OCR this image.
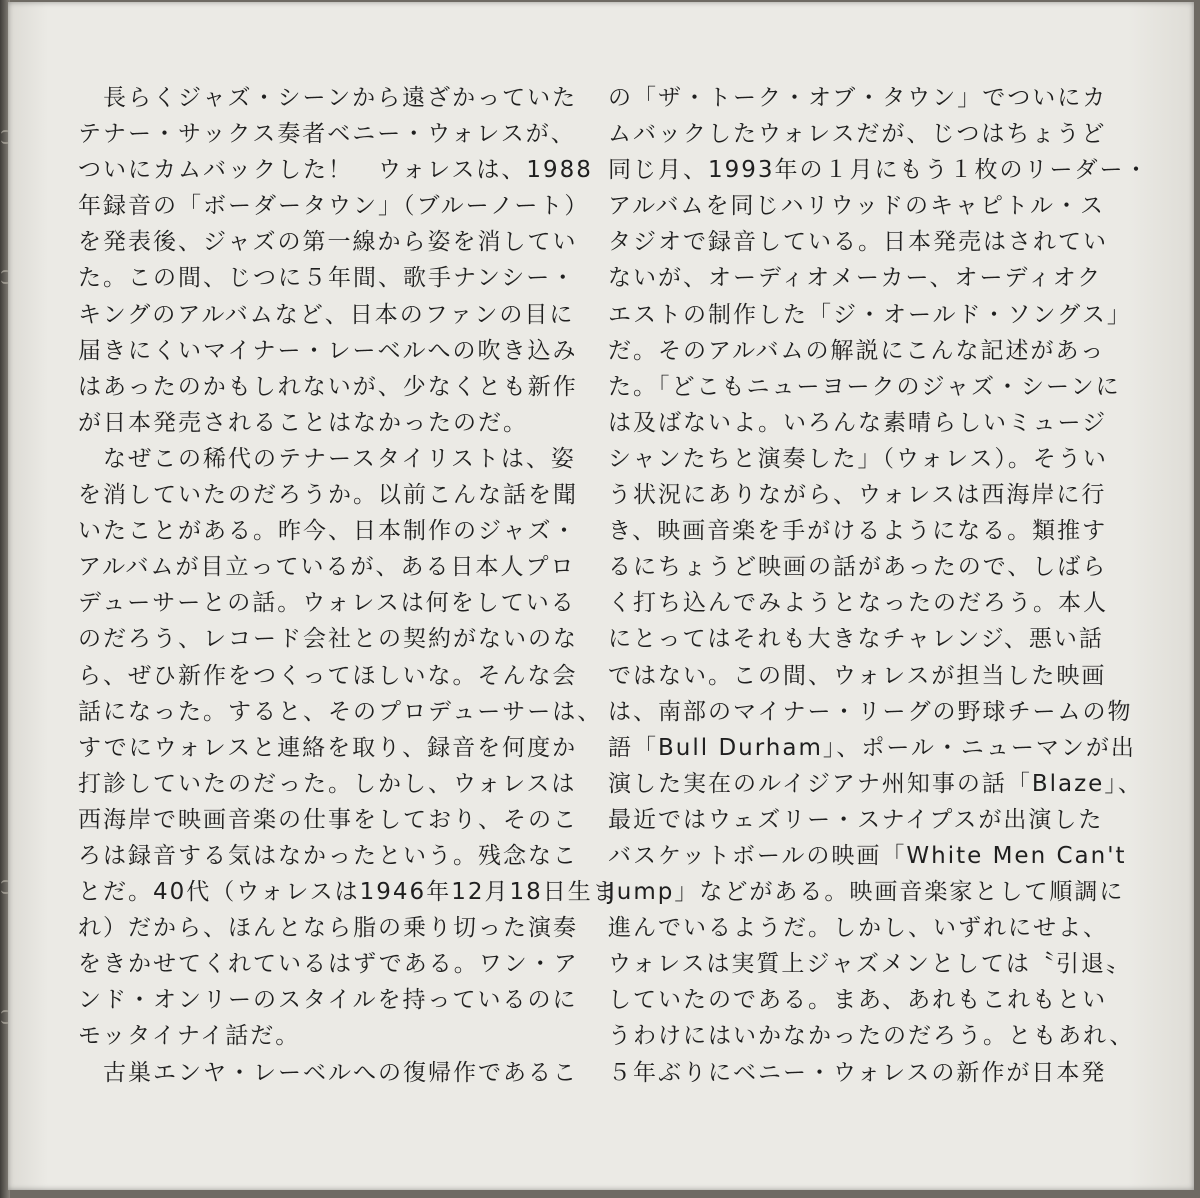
　長らくジャズ・シーンから遠ざかっていた
テナー・サックス奏者ベニー・ウォレスが、
ついにカムバックした！　ウォレスは、1988
年録音の「ボーダータウン」（ブルーノート）
を発表後、ジャズの第一線から姿を消してい
た。この間、じつに５年間、歌手ナンシー・
キングのアルバムなど、日本のファンの目に
届きにくいマイナー・レーベルへの吹き込み
はあったのかもしれないが、少なくとも新作
が日本発売されることはなかったのだ。
　なぜこの稀代のテナースタイリストは、姿
を消していたのだろうか。以前こんな話を聞
いたことがある。昨今、日本制作のジャズ・
アルバムが目立っているが、ある日本人プロ
デューサーとの話。ウォレスは何をしている
のだろう、レコード会社との契約がないのな
ら、ぜひ新作をつくってほしいな。そんな会
話になった。すると、そのプロデューサーは、
すでにウォレスと連絡を取り、録音を何度か
打診していたのだった。しかし、ウォレスは
西海岸で映画音楽の仕事をしており、そのこ
ろは録音する気はなかったという。残念なこ
とだ。40代（ウォレスは1946年12月18日生ま
れ）だから、ほんとなら脂の乗り切った演奏
をきかせてくれているはずである。ワン・ア
ンド・オンリーのスタイルを持っているのに
モッタイナイ話だ。
　古巣エンヤ・レーベルへの復帰作であるこ
の「ザ・トーク・オブ・タウン」でついにカ
ムバックしたウォレスだが、じつはちょうど
同じ月、1993年の１月にもう１枚のリーダー・
アルバムを同じハリウッドのキャピトル・ス
タジオで録音している。日本発売はされてい
ないが、オーディオメーカー、オーディオク
エストの制作した「ジ・オールド・ソングス」
だ。そのアルバムの解説にこんな記述があっ
た。「どこもニューヨークのジャズ・シーンに
は及ばないよ。いろんな素晴らしいミュージ
シャンたちと演奏した」（ウォレス）。そうい
う状況にありながら、ウォレスは西海岸に行
き、映画音楽を手がけるようになる。類推す
るにちょうど映画の話があったので、しばら
く打ち込んでみようとなったのだろう。本人
にとってはそれも大きなチャレンジ、悪い話
ではない。この間、ウォレスが担当した映画
は、南部のマイナー・リーグの野球チームの物
語「Bull Durham」、ポール・ニューマンが出
演した実在のルイジアナ州知事の話「Blaze」、
最近ではウェズリー・スナイプスが出演した
バスケットボールの映画「White Men Can't
Jump」などがある。映画音楽家として順調に
進んでいるようだ。しかし、いずれにせよ、
ウォレスは実質上ジャズメンとしては〝引退〟
していたのである。まあ、あれもこれもとい
うわけにはいかなかったのだろう。ともあれ、
５年ぶりにベニー・ウォレスの新作が日本発
